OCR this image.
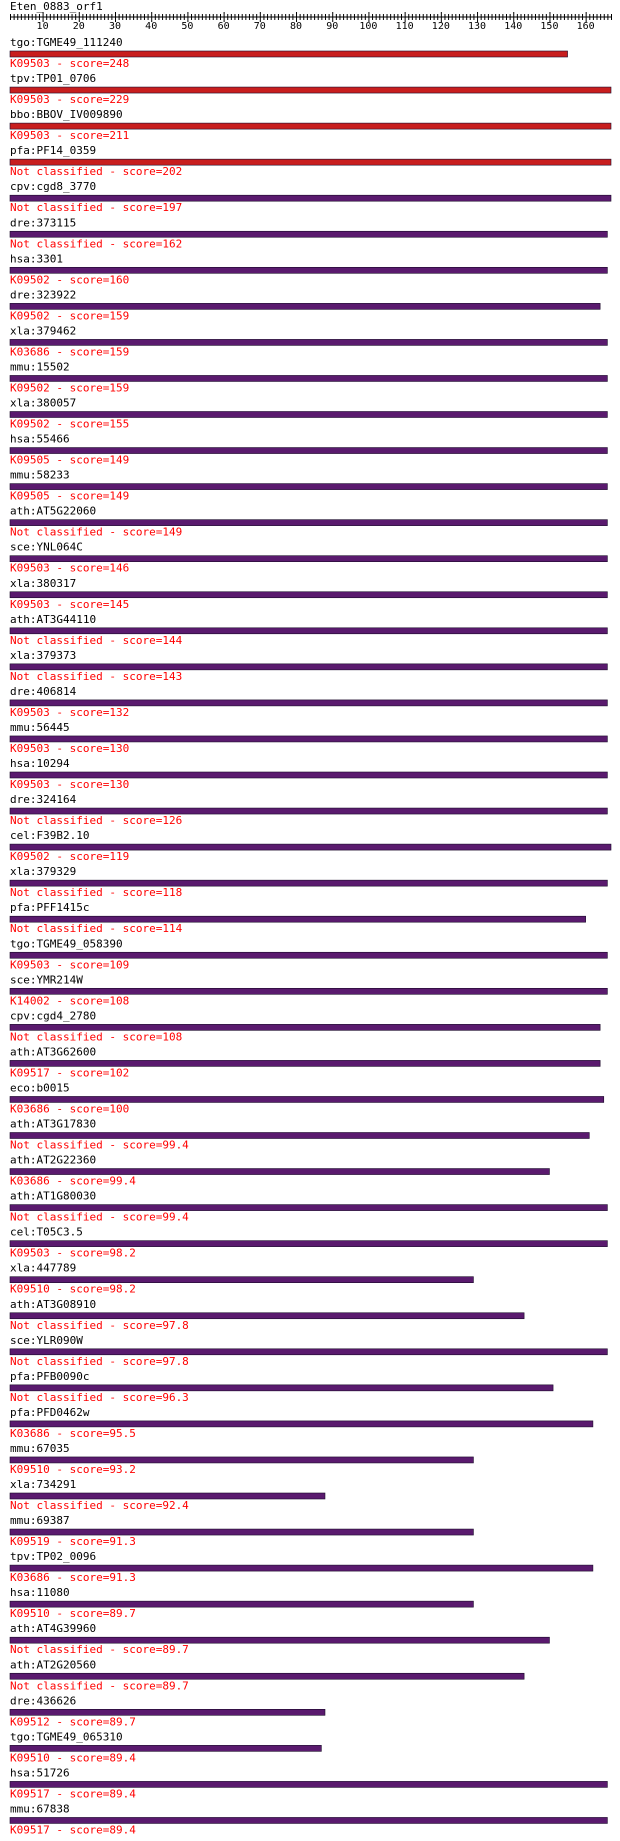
Eten_0883_orf1
10 20 30 40 50 60 70 80 90 100 110 120 130 140 150 160
tgo:TGME49_111240
K09503 - score=248
tpv:TP01_0706
K09503 - score=229
bbo:BBOV_IV009890
K09503 - score=211
pfa:PF14_0359
Not classified - score=202
cpv:cgd8_3770
Not classified - score=197
dre:373115
Not classified - score=162
hsa:3301
K09502 - score=160
dre:323922
K09502 - score=159
xla:379462
K03686 - score=159
mmu:15502
K09502 - score=159
xla:380057
K09502 - score=155
hsa:55466
K09505 - score=149
mmu:58233
K09505 - score=149
ath:AT5G22060
Not classified - score=149
sce:YNL064C
K09503 - score=146
xla:380317
K09503 - score=145
ath:AT3G44110
Not classified - score=144
xla:379373
Not classified - score=143
dre:406814
K09503 - score=132
mmu:56445
K09503 - score=130
hsa:10294
K09503 - score=130
dre:324164
Not classified - score=126
cel:F39B2.10
K09502 - score=119
xla:379329
Not classified - score=118
pfa:PFF1415c
Not classified - score=114
tgo:TGME49_058390
K09503 - score=109
sce:YMR214W
K14002 - score=108
cpv:cgd4_2780
Not classified - score=108
ath:AT3G62600
K09517 - score=102
eco:b0015
K03686 - score=100
ath:AT3G17830
Not classified - score=99.4
ath:AT2G22360
K03686 - score=99.4
ath:AT1G80030
Not classified - score=99.4
cel:T05C3.5
K09503 - score=98.2
xla:447789
K09510 - score=98.2
ath:AT3G08910
Not classified - score=97.8
sce:YLR090W
Not classified - score=97.8
pfa:PFB0090c
Not classified - score=96.3
pfa:PFD0462w
K03686 - score=95.5
mmu:67035
K09510 - score=93.2
xla:734291
Not classified - score=92.4
mmu:69387
K09519 - score=91.3
tpv:TP02_0096
K03686 - score=91.3
hsa:11080
K09510 - score=89.7
ath:AT4G39960
Not classified - score=89.7
ath:AT2G20560
Not classified - score=89.7
dre:436626
K09512 - score=89.7
tgo:TGME49_065310
K09510 - score=89.4
hsa:51726
K09517 - score=89.4
mmu:67838
K09517 - score=89.4
